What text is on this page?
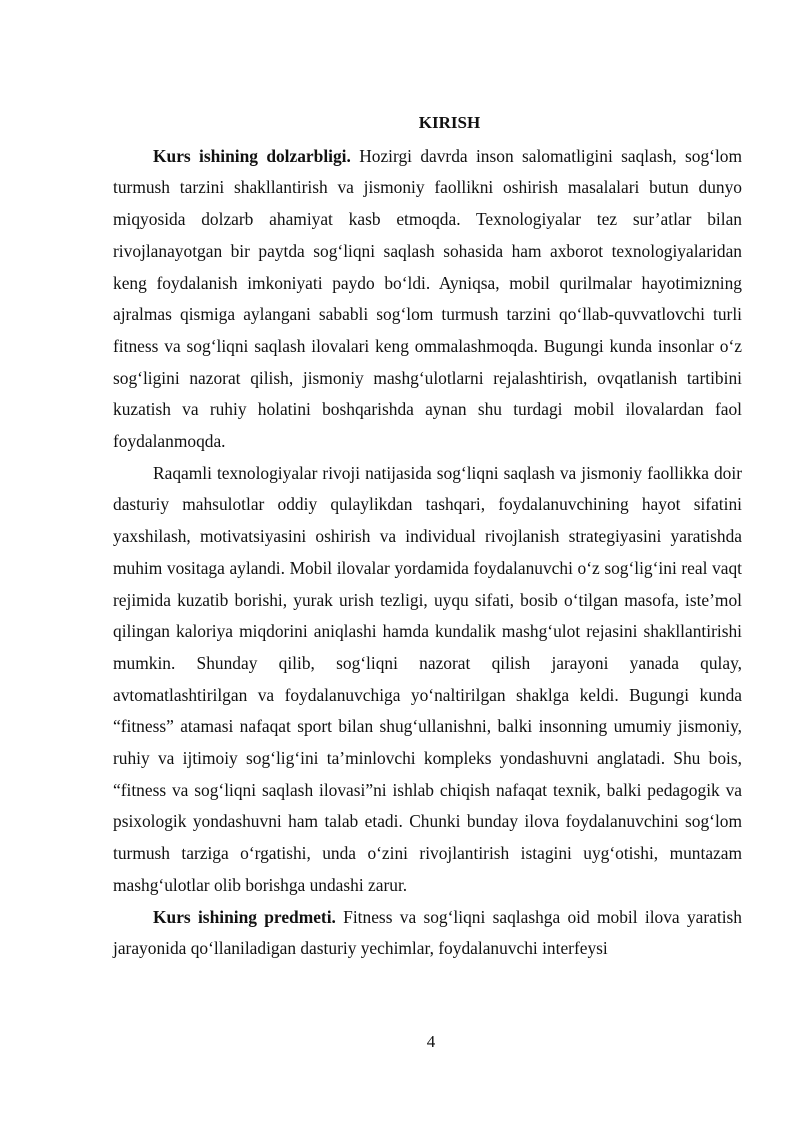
KIRISH

Kurs ishining dolzarbligi. Hozirgi davrda inson salomatligini saqlash, sog‘lom turmush tarzini shakllantirish va jismoniy faollikni oshirish masalalari butun dunyo miqyosida dolzarb ahamiyat kasb etmoqda. Texnologiyalar tez sur’atlar bilan rivojlanayotgan bir paytda sog‘liqni saqlash sohasida ham axborot texnologiyalaridan keng foydalanish imkoniyati paydo bo‘ldi. Ayniqsa, mobil qurilmalar hayotimizning ajralmas qismiga aylangani sababli sog‘lom turmush tarzini qo‘llab-quvvatlovchi turli fitness va sog‘liqni saqlash ilovalari keng ommalashmoqda. Bugungi kunda insonlar o‘z sog‘ligini nazorat qilish, jismoniy mashg‘ulotlarni rejalashtirish, ovqatlanish tartibini kuzatish va ruhiy holatini boshqarishda aynan shu turdagi mobil ilovalardan faol foydalanmoqda.

Raqamli texnologiyalar rivoji natijasida sog‘liqni saqlash va jismoniy faollikka doir dasturiy mahsulotlar oddiy qulaylikdan tashqari, foydalanuvchining hayot sifatini yaxshilash, motivatsiyasini oshirish va individual rivojlanish strategiyasini yaratishda muhim vositaga aylandi. Mobil ilovalar yordamida foydalanuvchi o‘z sog‘lig‘ini real vaqt rejimida kuzatib borishi, yurak urish tezligi, uyqu sifati, bosib o‘tilgan masofa, iste’mol qilingan kaloriya miqdorini aniqlashi hamda kundalik mashg‘ulot rejasini shakllantirishi mumkin. Shunday qilib, sog‘liqni nazorat qilish jarayoni yanada qulay, avtomatlashtirilgan va foydalanuvchiga yo‘naltirilgan shaklga keldi. Bugungi kunda “fitness” atamasi nafaqat sport bilan shug‘ullanishni, balki insonning umumiy jismoniy, ruhiy va ijtimoiy sog‘lig‘ini ta’minlovchi kompleks yondashuvni anglatadi. Shu bois, “fitness va sog‘liqni saqlash ilovasi”ni ishlab chiqish nafaqat texnik, balki pedagogik va psixologik yondashuvni ham talab etadi. Chunki bunday ilova foydalanuvchini sog‘lom turmush tarziga o‘rgatishi, unda o‘zini rivojlantirish istagini uyg‘otishi, muntazam mashg‘ulotlar olib borishga undashi zarur.

Kurs ishining predmeti. Fitness va sog‘liqni saqlashga oid mobil ilova yaratish jarayonida qo‘llaniladigan dasturiy yechimlar, foydalanuvchi interfeysi

4
